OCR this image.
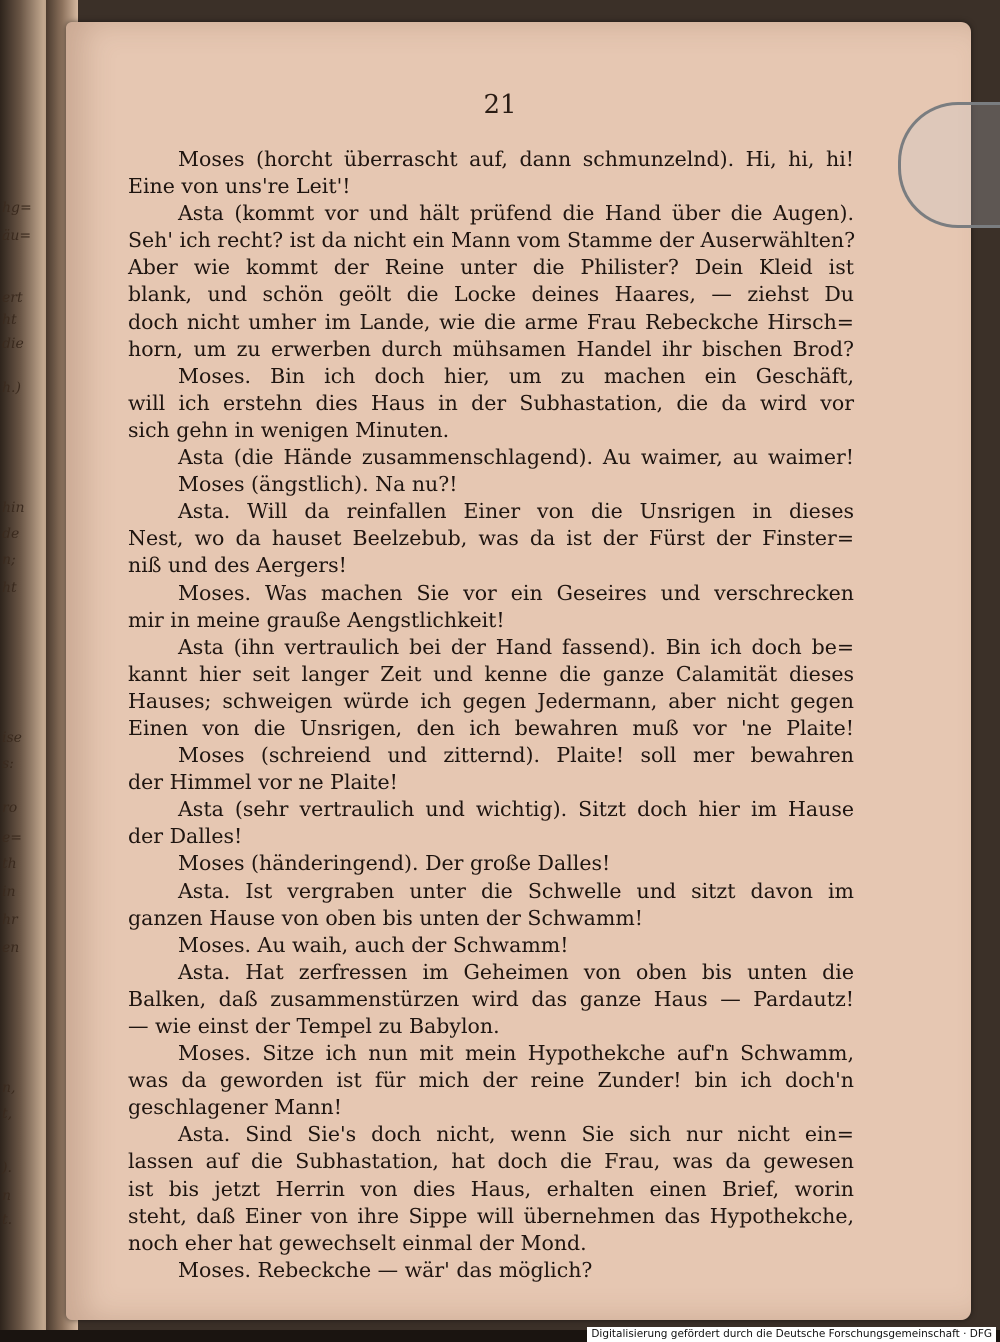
hg=
äu=
ert
ht
die
h.)
hin
de
n;
ht
ise
s:
ro
e=
th
in
hr
en
n,
t,
).
n
t.
21
Moses (horcht überrascht auf, dann schmunzelnd). Hi, hi, hi!
Eine von uns're Leit'!
Asta (kommt vor und hält prüfend die Hand über die Augen).
Seh' ich recht? ist da nicht ein Mann vom Stamme der Auserwählten?
Aber wie kommt der Reine unter die Philister? Dein Kleid ist
blank, und schön geölt die Locke deines Haares, — ziehst Du
doch nicht umher im Lande, wie die arme Frau Rebeckche Hirsch=
horn, um zu erwerben durch mühsamen Handel ihr bischen Brod?
Moses. Bin ich doch hier, um zu machen ein Geschäft,
will ich erstehn dies Haus in der Subhastation, die da wird vor
sich gehn in wenigen Minuten.
Asta (die Hände zusammenschlagend). Au waimer, au waimer!
Moses (ängstlich). Na nu?!
Asta. Will da reinfallen Einer von die Unsrigen in dieses
Nest, wo da hauset Beelzebub, was da ist der Fürst der Finster=
niß und des Aergers!
Moses. Was machen Sie vor ein Geseires und verschrecken
mir in meine grauße Aengstlichkeit!
Asta (ihn vertraulich bei der Hand fassend). Bin ich doch be=
kannt hier seit langer Zeit und kenne die ganze Calamität dieses
Hauses; schweigen würde ich gegen Jedermann, aber nicht gegen
Einen von die Unsrigen, den ich bewahren muß vor 'ne Plaite!
Moses (schreiend und zitternd). Plaite! soll mer bewahren
der Himmel vor ne Plaite!
Asta (sehr vertraulich und wichtig). Sitzt doch hier im Hause
der Dalles!
Moses (händeringend). Der große Dalles!
Asta. Ist vergraben unter die Schwelle und sitzt davon im
ganzen Hause von oben bis unten der Schwamm!
Moses. Au waih, auch der Schwamm!
Asta. Hat zerfressen im Geheimen von oben bis unten die
Balken, daß zusammenstürzen wird das ganze Haus — Pardautz!
— wie einst der Tempel zu Babylon.
Moses. Sitze ich nun mit mein Hypothekche auf'n Schwamm,
was da geworden ist für mich der reine Zunder! bin ich doch'n
geschlagener Mann!
Asta. Sind Sie's doch nicht, wenn Sie sich nur nicht ein=
lassen auf die Subhastation, hat doch die Frau, was da gewesen
ist bis jetzt Herrin von dies Haus, erhalten einen Brief, worin
steht, daß Einer von ihre Sippe will übernehmen das Hypothekche,
noch eher hat gewechselt einmal der Mond.
Moses. Rebeckche — wär' das möglich?
Digitalisierung gefördert durch die Deutsche Forschungsgemeinschaft · DFG
